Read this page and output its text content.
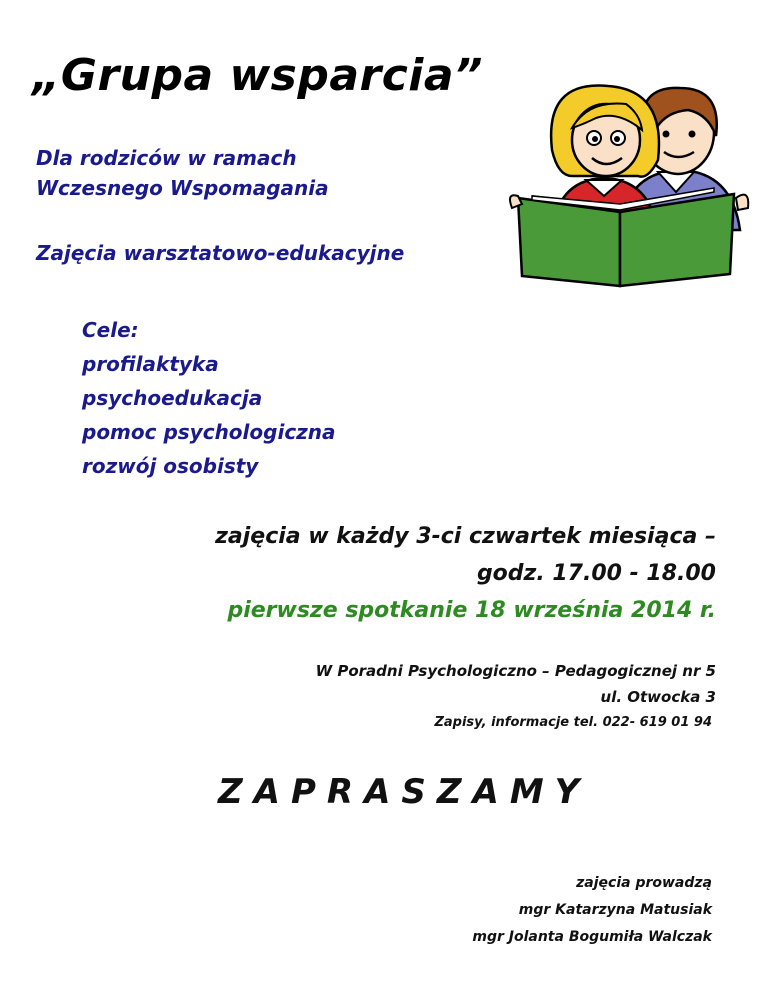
„Grupa wsparcia”
Dla rodziców w ramach
Wczesnego Wspomagania
Zajęcia warsztatowo-edukacyjne
Cele:
profilaktyka
psychoedukacja
pomoc psychologiczna
rozwój osobisty
zajęcia w każdy 3-ci czwartek miesiąca –
godz. 17.00 - 18.00
pierwsze spotkanie 18 września 2014 r.
W Poradni Psychologiczno – Pedagogicznej nr 5
ul. Otwocka 3
Zapisy, informacje tel. 022- 619 01 94
ZAPRASZAMY
zajęcia prowadzą
mgr Katarzyna Matusiak
mgr Jolanta Bogumiła Walczak
